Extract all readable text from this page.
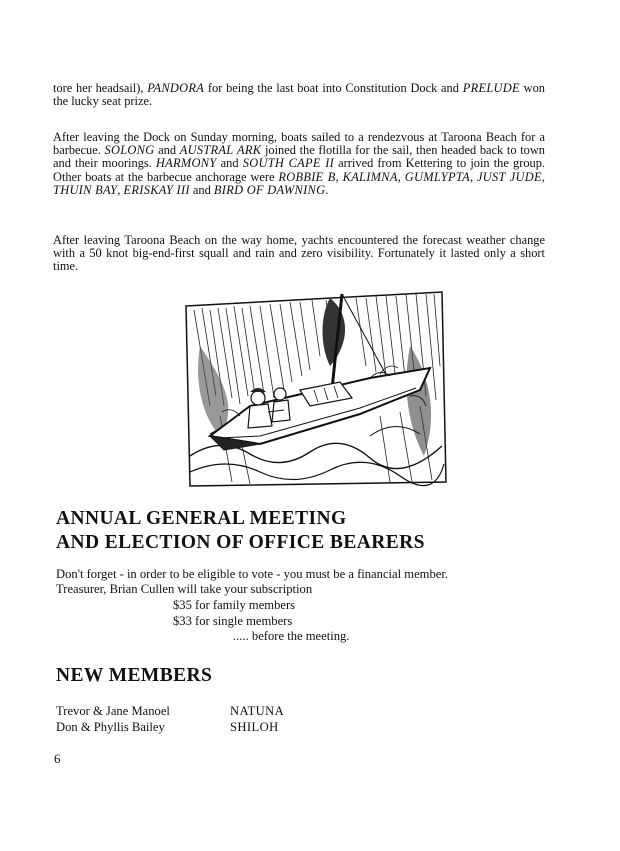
tore her headsail), PANDORA for being the last boat into Constitution Dock and PRELUDE won the lucky seat prize.

After leaving the Dock on Sunday morning, boats sailed to a rendezvous at Taroona Beach for a barbecue. SOLONG and AUSTRAL ARK joined the flotilla for the sail, then headed back to town and their moorings. HARMONY and SOUTH CAPE II arrived from Kettering to join the group. Other boats at the barbecue anchorage were ROBBIE B, KALIMNA, GUMLYPTA, JUST JUDE, THUIN BAY, ERISKAY III and BIRD OF DAWNING.

After leaving Taroona Beach on the way home, yachts encountered the forecast weather change with a 50 knot big-end-first squall and rain and zero visibility. Fortunately it lasted only a short time.

ANNUAL GENERAL MEETING
AND ELECTION OF OFFICE BEARERS
Don't forget - in order to be eligible to vote - you must be a financial member.
Treasurer, Brian Cullen will take your subscription
$35 for family members
$33 for single members
..... before the meeting.
NEW MEMBERS
Trevor & Jane Manoel	NATUNA
Don & Phyllis Bailey	SHILOH
6
